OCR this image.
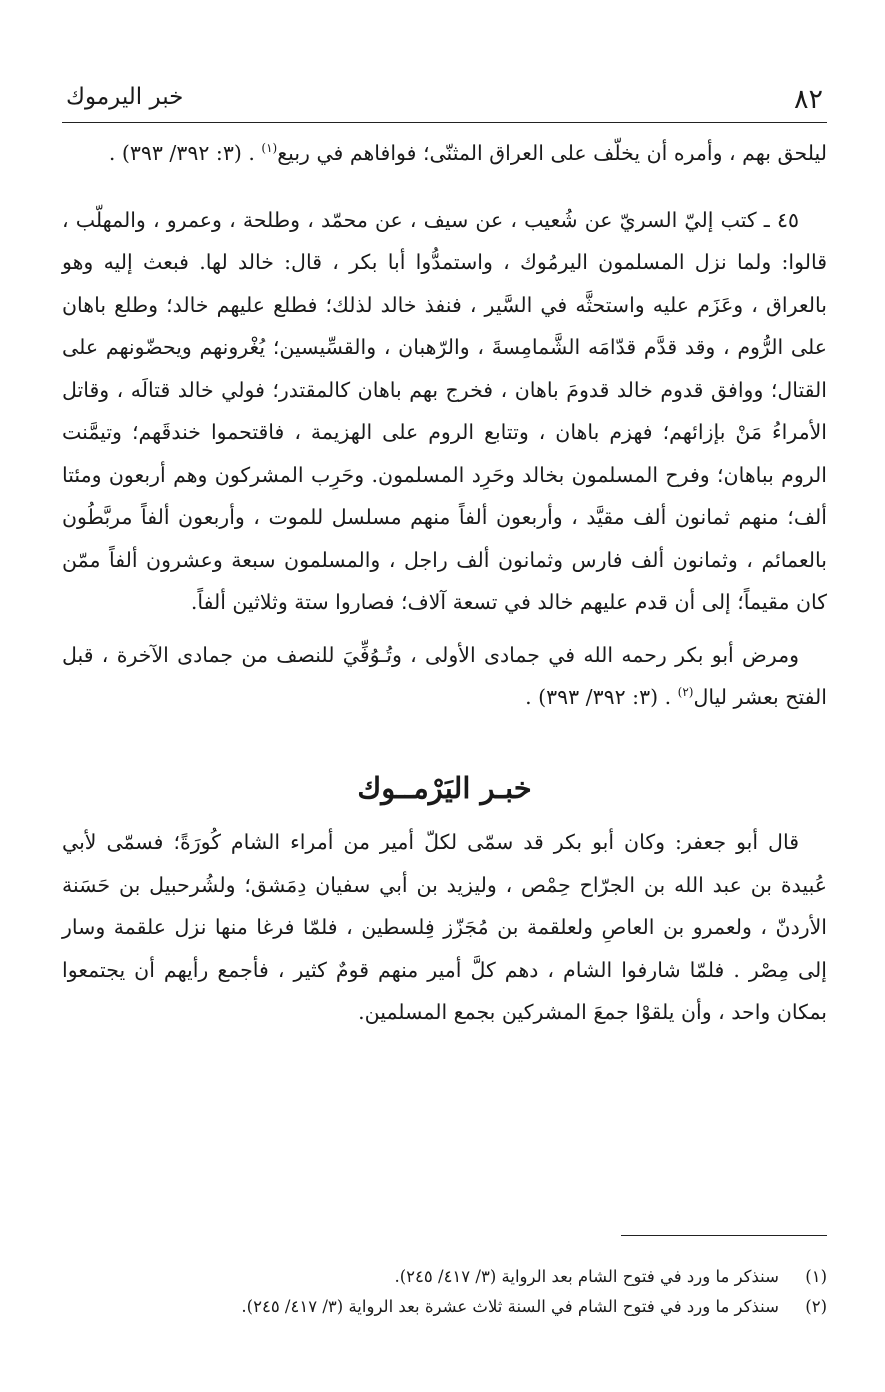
٨٢
خبر اليرموك

ليلحق بهم ، وأمره أن يخلّف على العراق المثنّى؛ فوافاهم في ربيع$^{(١)}$ . (٣: ٣٩٢/ ٣٩٣) .

٤٥ ـ كتب إليّ السريّ عن شُعيب ، عن سيف ، عن محمّد ، وطلحة ، وعمرو ، والمهلّب ، قالوا: ولما نزل المسلمون اليرمُوك ، واستمدُّوا أبا بكر ، قال: خالد لها. فبعث إليه وهو بالعراق ، وعَزَم عليه واستحثَّه في السَّير ، فنفذ خالد لذلك؛ فطلع عليهم خالد؛ وطلع باهان على الرُّوم ، وقد قدَّم قدّامَه الشَّمامِسةَ ، والرّهبان ، والقسِّيسين؛ يُغْرونهم ويحضّونهم على القتال؛ ووافق قدوم خالد قدومَ باهان ، فخرج بهم باهان كالمقتدر؛ فولي خالد قتالَه ، وقاتل الأمراءُ مَنْ بإزائهم؛ فهزم باهان ، وتتابع الروم على الهزيمة ، فاقتحموا خندقَهم؛ وتيمَّنت الروم بباهان؛ وفرح المسلمون بخالد وحَرِد المسلمون. وحَرِب المشركون وهم أربعون ومئتا ألف؛ منهم ثمانون ألف مقيَّد ، وأربعون ألفاً منهم مسلسل للموت ، وأربعون ألفاً مربَّطُون بالعمائم ، وثمانون ألف فارس وثمانون ألف راجل ، والمسلمون سبعة وعشرون ألفاً ممّن كان مقيماً؛ إلى أن قدم عليهم خالد في تسعة آلاف؛ فصاروا ستة وثلاثين ألفاً.

ومرض أبو بكر رحمه الله في جمادى الأولى ، وتُـوُفِّيَ للنصف من جمادى الآخرة ، قبل الفتح بعشر ليال$^{(٢)}$ . (٣: ٣٩٢/ ٣٩٣) .

خبـر اليَرْمــوك

قال أبو جعفر: وكان أبو بكر قد سمّى لكلّ أمير من أمراء الشام كُورَةً؛ فسمّى لأبي عُبيدة بن عبد الله بن الجرّاح حِمْص ، وليزيد بن أبي سفيان دِمَشق؛ ولشُرحبيل بن حَسَنة الأردنّ ، ولعمرو بن العاصِ ولعلقمة بن مُجَزّز فِلسطين ، فلمّا فرغا منها نزل علقمة وسار إلى مِصْر . فلمّا شارفوا الشام ، دهم كلَّ أمير منهم قومٌ كثير ، فأجمع رأيهم أن يجتمعوا بمكان واحد ، وأن يلقوْا جمعَ المشركين بجمع المسلمين.

(١)
سنذكر ما ورد في فتوح الشام بعد الرواية (٣/ ٤١٧/ ٢٤٥).
(٢)
سنذكر ما ورد في فتوح الشام في السنة ثلاث عشرة بعد الرواية (٣/ ٤١٧/ ٢٤٥).
